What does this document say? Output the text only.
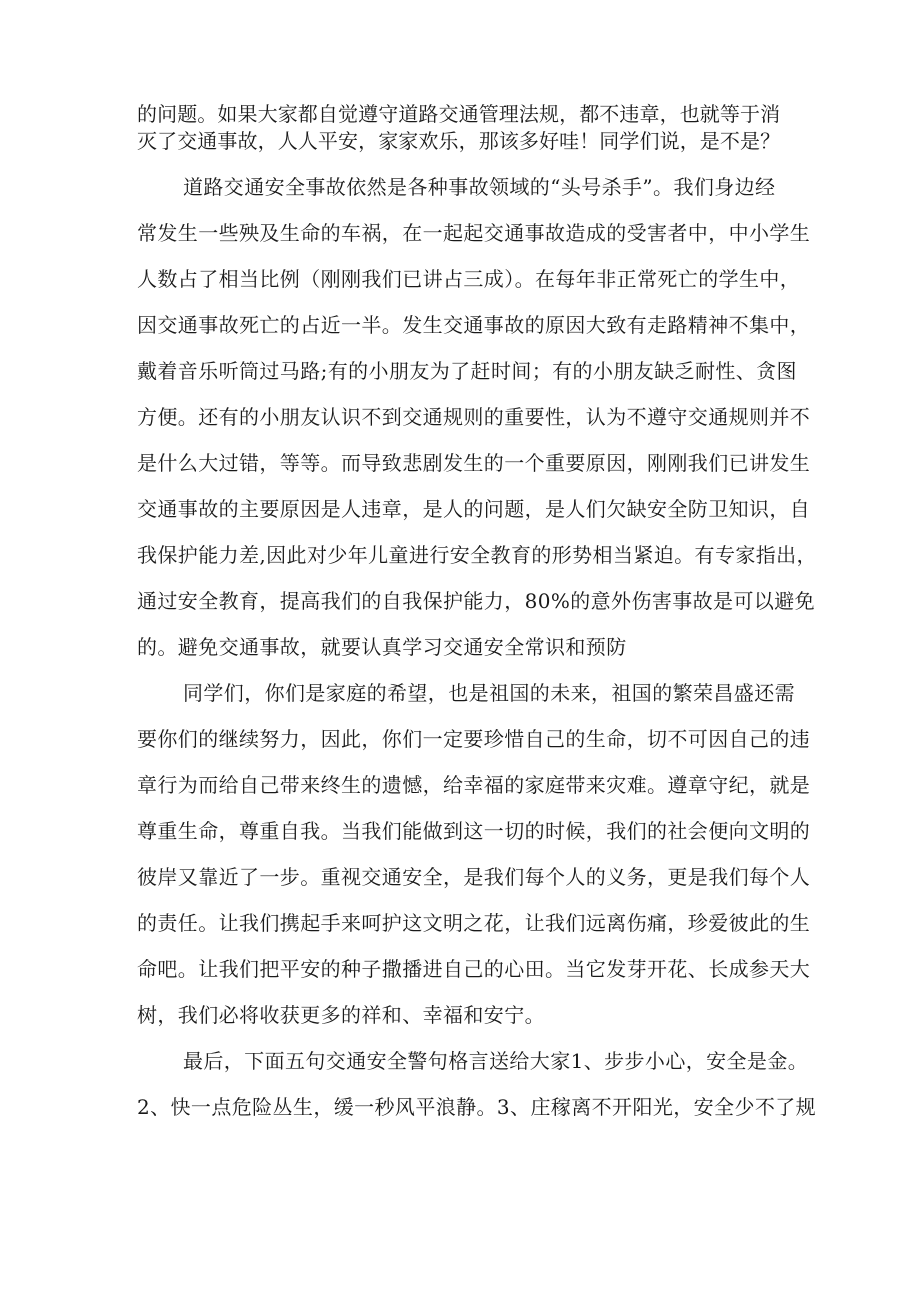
的问题。如果大家都自觉遵守道路交通管理法规，都不违章，也就等于消
灭了交通事故，人人平安，家家欢乐，那该多好哇！同学们说，是不是？
道路交通安全事故依然是各种事故领域的“头号杀手”。我们身边经
常发生一些殃及生命的车祸，在一起起交通事故造成的受害者中，中小学生
人数占了相当比例（刚刚我们已讲占三成）。在每年非正常死亡的学生中，
因交通事故死亡的占近一半。发生交通事故的原因大致有走路精神不集中，
戴着音乐听筒过马路;有的小朋友为了赶时间；有的小朋友缺乏耐性、贪图
方便。还有的小朋友认识不到交通规则的重要性，认为不遵守交通规则并不
是什么大过错，等等。而导致悲剧发生的一个重要原因，刚刚我们已讲发生
交通事故的主要原因是人违章，是人的问题，是人们欠缺安全防卫知识，自
我保护能力差,因此对少年儿童进行安全教育的形势相当紧迫。有专家指出，
通过安全教育，提高我们的自我保护能力，80%的意外伤害事故是可以避免
的。避免交通事故，就要认真学习交通安全常识和预防
同学们，你们是家庭的希望，也是祖国的未来，祖国的繁荣昌盛还需
要你们的继续努力，因此，你们一定要珍惜自己的生命，切不可因自己的违
章行为而给自己带来终生的遗憾，给幸福的家庭带来灾难。遵章守纪，就是
尊重生命，尊重自我。当我们能做到这一切的时候，我们的社会便向文明的
彼岸又靠近了一步。重视交通安全，是我们每个人的义务，更是我们每个人
的责任。让我们携起手来呵护这文明之花，让我们远离伤痛，珍爱彼此的生
命吧。让我们把平安的种子撒播进自己的心田。当它发芽开花、长成参天大
树，我们必将收获更多的祥和、幸福和安宁。
最后，下面五句交通安全警句格言送给大家1、步步小心，安全是金。
2、快一点危险丛生，缓一秒风平浪静。3、庄稼离不开阳光，安全少不了规
